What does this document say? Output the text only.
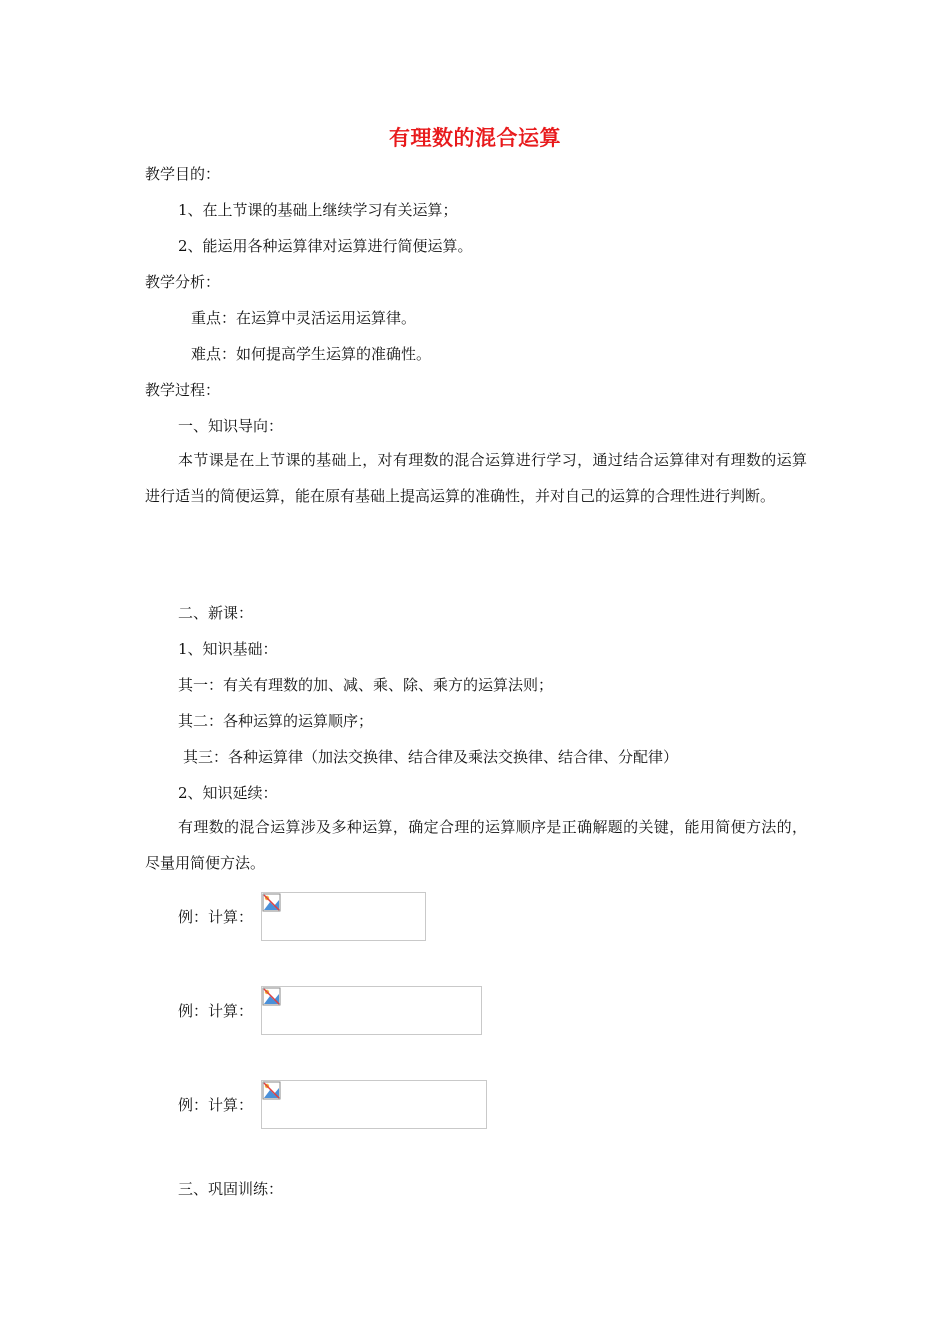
有理数的混合运算
教学目的：
1、在上节课的基础上继续学习有关运算；
2、能运用各种运算律对运算进行简便运算。
教学分析：
重点：在运算中灵活运用运算律。
难点：如何提高学生运算的准确性。
教学过程：
一、知识导向：
本节课是在上节课的基础上，对有理数的混合运算进行学习，通过结合运算律对有理数的运算进行适当的简便运算，能在原有基础上提高运算的准确性，并对自己的运算的合理性进行判断。
二、新课：
1、知识基础：
其一：有关有理数的加、减、乘、除、乘方的运算法则；
其二：各种运算的运算顺序；
其三：各种运算律（加法交换律、结合律及乘法交换律、结合律、分配律）
2、知识延续：
有理数的混合运算涉及多种运算，确定合理的运算顺序是正确解题的关键，能用简便方法的，尽量用简便方法。
例：计算：
例：计算：
例：计算：
三、巩固训练：
